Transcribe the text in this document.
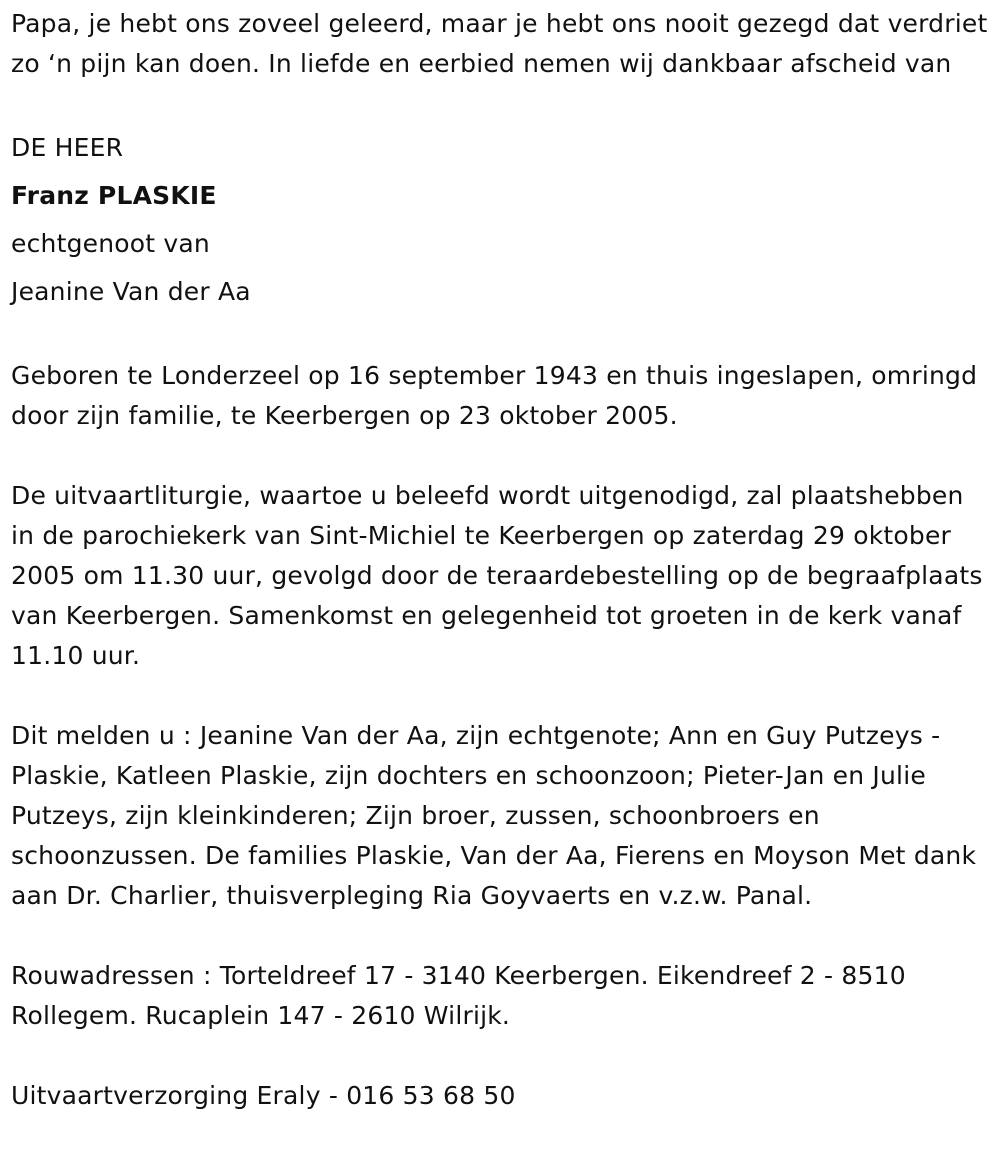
Papa, je hebt ons zoveel geleerd, maar je hebt ons nooit gezegd dat verdriet zo ‘n pijn kan doen. In liefde en eerbied nemen wij dankbaar afscheid van

DE HEER

Franz PLASKIE

echtgenoot van

Jeanine Van der Aa

Geboren te Londerzeel op 16 september 1943 en thuis ingeslapen, omringd door zijn familie, te Keerbergen op 23 oktober 2005.

De uitvaartliturgie, waartoe u beleefd wordt uitgenodigd, zal plaatshebben in de parochiekerk van Sint-Michiel te Keerbergen op zaterdag 29 oktober 2005 om 11.30 uur, gevolgd door de teraardebestelling op de begraafplaats van Keerbergen. Samenkomst en gelegenheid tot groeten in de kerk vanaf 11.10 uur.

Dit melden u : Jeanine Van der Aa, zijn echtgenote; Ann en Guy Putzeys - Plaskie, Katleen Plaskie, zijn dochters en schoonzoon; Pieter-Jan en Julie Putzeys, zijn kleinkinderen; Zijn broer, zussen, schoonbroers en schoonzussen. De families Plaskie, Van der Aa, Fierens en Moyson Met dank aan Dr. Charlier, thuisverpleging Ria Goyvaerts en v.z.w. Panal.

Rouwadressen : Torteldreef 17 - 3140 Keerbergen. Eikendreef 2 - 8510 Rollegem. Rucaplein 147 - 2610 Wilrijk.

Uitvaartverzorging Eraly - 016 53 68 50
